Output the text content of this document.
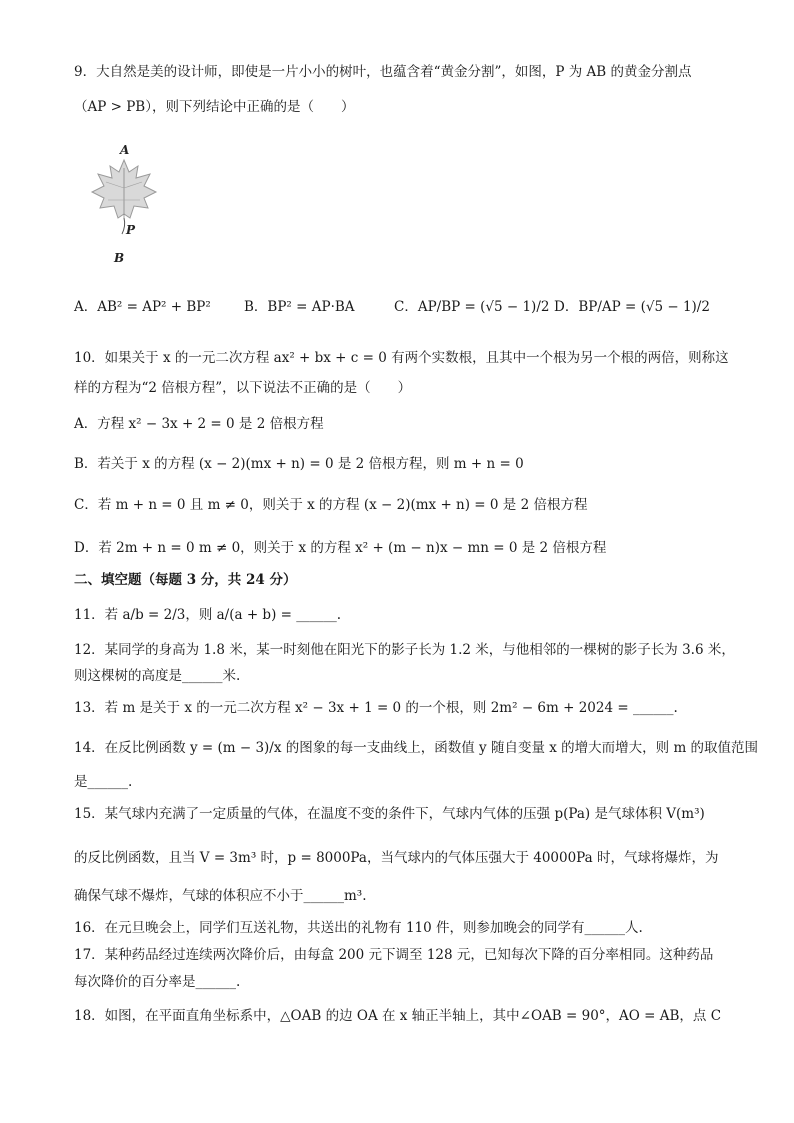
9．大自然是美的设计师，即使是一片小小的树叶，也蕴含着“黄金分割”，如图，P 为 AB 的黄金分割点
（AP > PB），则下列结论中正确的是（　　）
A
P
B
A．AB² = AP² + BP² B．BP² = AP·BA	C．AP/BP = (√5 − 1)/2 D．BP/AP = (√5 − 1)/2
10．如果关于 x 的一元二次方程 ax² + bx + c = 0 有两个实数根，且其中一个根为另一个根的两倍，则称这
样的方程为“2 倍根方程”，以下说法不正确的是（　　）
A．方程 x² − 3x + 2 = 0 是 2 倍根方程
B．若关于 x 的方程 (x − 2)(mx + n) = 0 是 2 倍根方程，则 m + n = 0
C．若 m + n = 0 且 m ≠ 0，则关于 x 的方程 (x − 2)(mx + n) = 0 是 2 倍根方程
D．若 2m + n = 0 m ≠ 0，则关于 x 的方程 x² + (m − n)x − mn = 0 是 2 倍根方程
二、填空题（每题 3 分，共 24 分）
11．若 a/b = 2/3，则 a/(a + b) = ______.
12．某同学的身高为 1.8 米，某一时刻他在阳光下的影子长为 1.2 米，与他相邻的一棵树的影子长为 3.6 米，
则这棵树的高度是______米.
13．若 m 是关于 x 的一元二次方程 x² − 3x + 1 = 0 的一个根，则 2m² − 6m + 2024 = ______.
14．在反比例函数 y = (m − 3)/x 的图象的每一支曲线上，函数值 y 随自变量 x 的增大而增大，则 m 的取值范围
是______.
15．某气球内充满了一定质量的气体，在温度不变的条件下，气球内气体的压强 p(Pa) 是气球体积 V(m³)
的反比例函数，且当 V = 3m³ 时，p = 8000Pa，当气球内的气体压强大于 40000Pa 时，气球将爆炸，为
确保气球不爆炸，气球的体积应不小于______m³.
16．在元旦晚会上，同学们互送礼物，共送出的礼物有 110 件，则参加晚会的同学有______人.
17．某种药品经过连续两次降价后，由每盒 200 元下调至 128 元，已知每次下降的百分率相同。这种药品
每次降价的百分率是______.
18．如图，在平面直角坐标系中，△OAB 的边 OA 在 x 轴正半轴上，其中∠OAB = 90°，AO = AB，点 C
